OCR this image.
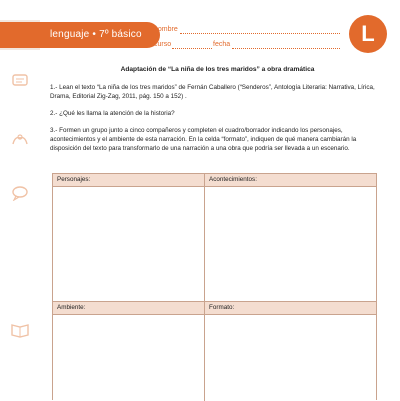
lenguaje • 7º básico nombre
curso	fecha	L

Adaptación de “La niña de los tres maridos” a obra dramática

1.- Lean el texto “La niña de los tres maridos” de Fernán Caballero (“Senderos”, Antología Literaria: Narrativa, Lírica, Drama, Editorial Zig-Zag, 2011, pág. 150 a 152) .

2.- ¿Qué les llama la atención de la historia?

3.- Formen un grupo junto a cinco compañeros y completen el cuadro/borrador indicando los personajes, acontecimientos y el ambiente de esta narración. En la celda “formato”, indiquen de qué manera cambiarán la disposición del texto para transformarlo de una narración a una obra que podría ser llevada a un escenario.

Personajes:	Acontecimientos:
Ambiente:	Formato:
